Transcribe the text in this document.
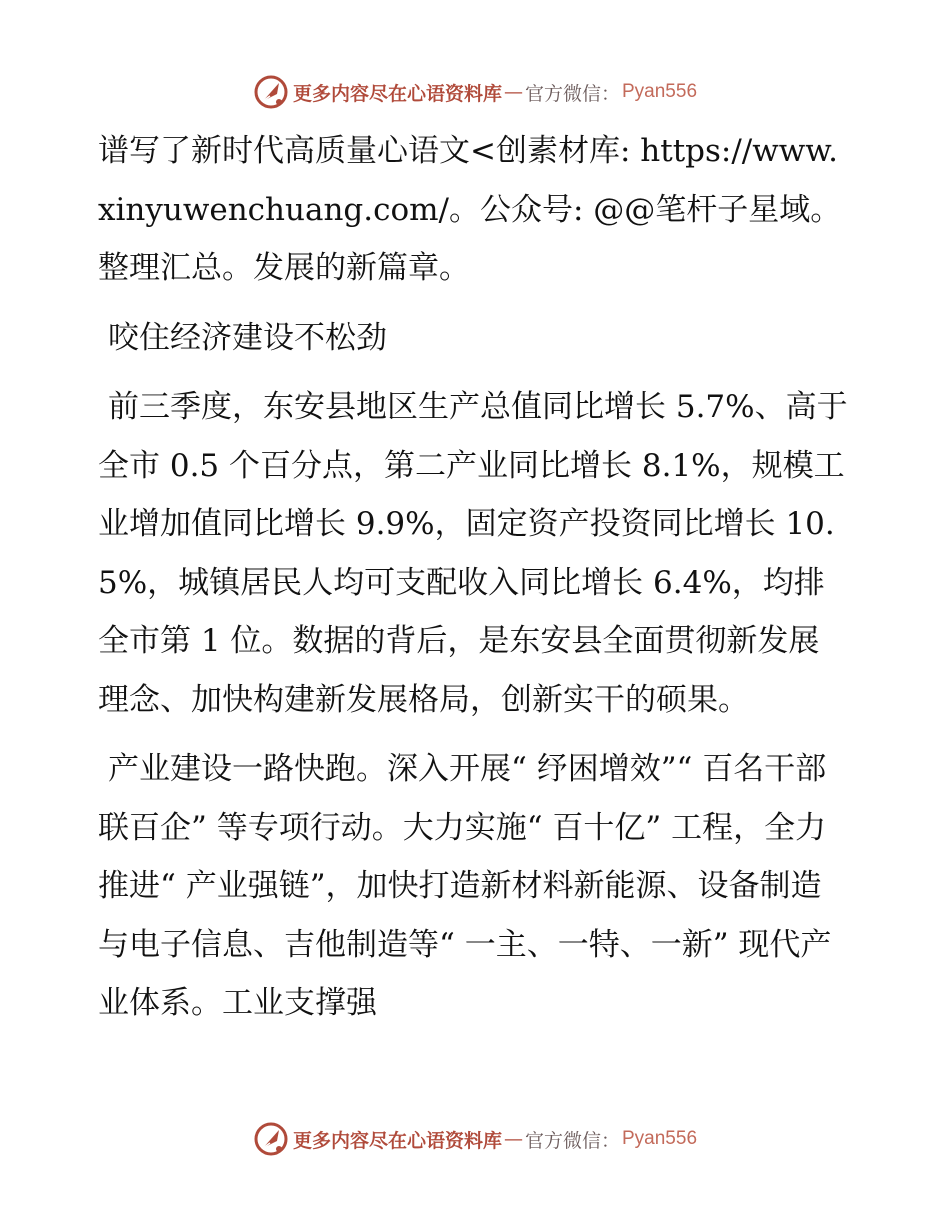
更多内容尽在心语资料库 — 官方微信： Pyan556

谱写了新时代高质量心语文<创素材库: https://www.xinyuwenchuang.com/。公众号: @@笔杆子星域。整理汇总。发展的新篇章。

咬住经济建设不松劲

前三季度，东安县地区生产总值同比增长 5.7%、高于全市 0.5 个百分点，第二产业同比增长 8.1%，规模工业增加值同比增长 9.9%，固定资产投资同比增长 10.5%，城镇居民人均可支配收入同比增长 6.4%，均排全市第 1 位。数据的背后，是东安县全面贯彻新发展理念、加快构建新发展格局，创新实干的硕果。

产业建设一路快跑。深入开展“ 纾困增效”“ 百名干部联百企” 等专项行动。大力实施“ 百十亿” 工程，全力推进“ 产业强链”，加快打造新材料新能源、设备制造与电子信息、吉他制造等“ 一主、一特、一新” 现代产业体系。工业支撑强

更多内容尽在心语资料库 — 官方微信： Pyan556
